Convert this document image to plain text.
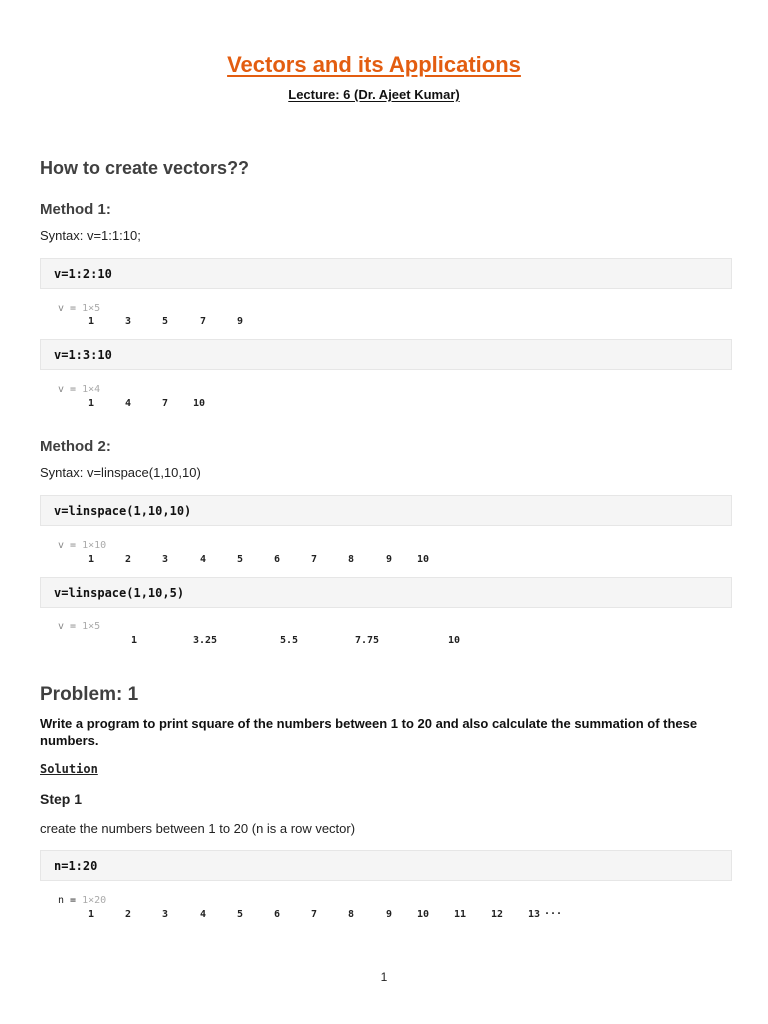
Vectors and its Applications
Lecture: 6 (Dr. Ajeet Kumar)
How to create vectors??
Method 1:
Syntax: v=1:1:10;
v=1:2:10
v = 1×5
1	3	5	7	9
v=1:3:10
v = 1×4
1	4	7 10
Method 2:
Syntax: v=linspace(1,10,10)
v=linspace(1,10,10)
v = 1×10
1	2	3	4	5	6	7	8	9 10
v=linspace(1,10,5)
v = 1×5
1	3.25	5.5	7.75	10
Problem: 1
Write a program to print square of the numbers between 1 to 20 and also calculate the summation of these numbers.
Solution
Step 1
create the numbers between 1 to 20 (n is a row vector)
n=1:20
n = 1×20
1	2	3	4	5	6	7	8	9 10 11 12 13 ...
1
